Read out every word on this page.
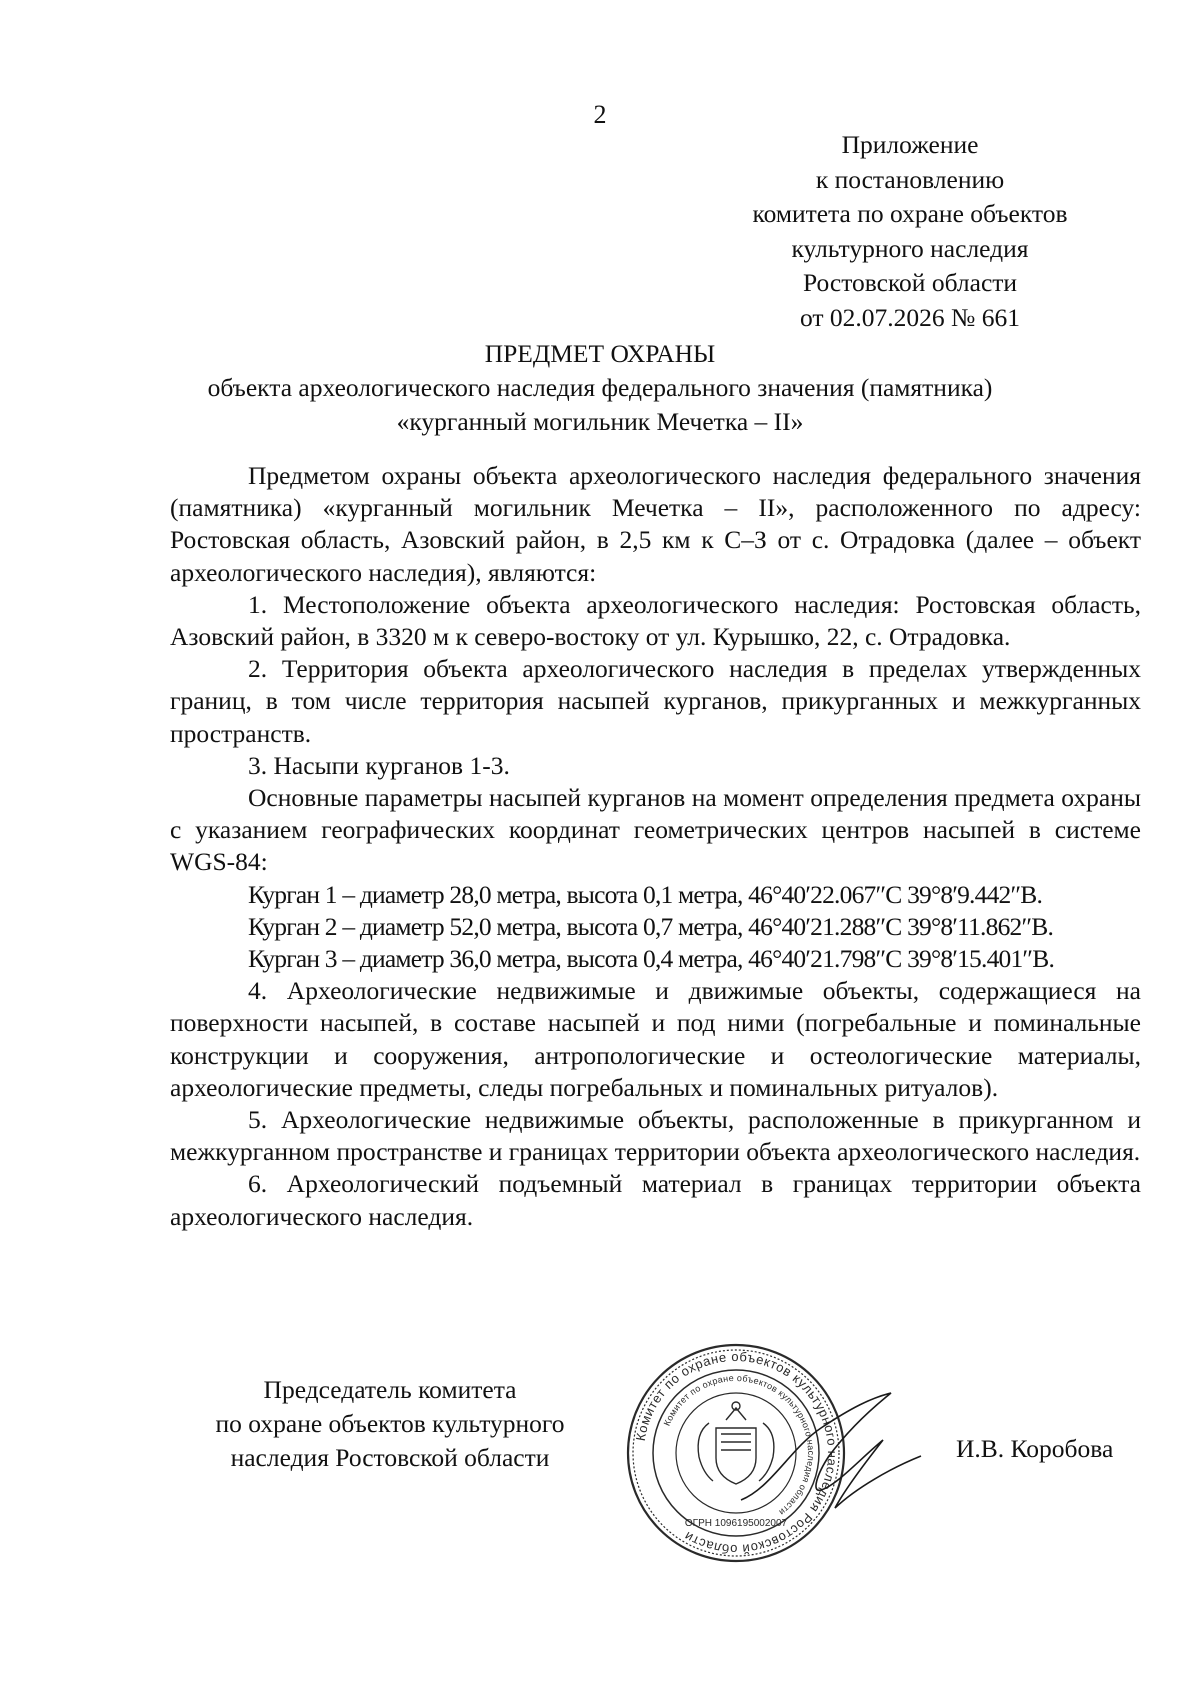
2
Приложение
к постановлению
комитета по охране объектов
культурного наследия
Ростовской области
от 02.07.2026 № 661
ПРЕДМЕТ ОХРАНЫ
объекта археологического наследия федерального значения (памятника)
«курганный могильник Мечетка – II»

Предметом охраны объекта археологического наследия федерального значения (памятника) «курганный могильник Мечетка – II», расположенного по адресу: Ростовская область, Азовский район, в 2,5 км к С–З от с. Отрадовка (далее – объект археологического наследия), являются:

1. Местоположение объекта археологического наследия: Ростовская область, Азовский район, в 3320 м к северо-востоку от ул. Курышко, 22, с. Отрадовка.

2. Территория объекта археологического наследия в пределах утвержденных границ, в том числе территория насыпей курганов, прикурганных и межкурганных пространств.

3. Насыпи курганов 1-3.

Основные параметры насыпей курганов на момент определения предмета охраны с указанием географических координат геометрических центров насыпей в системе WGS-84:

Курган 1 – диаметр 28,0 метра, высота 0,1 метра, 46°40′22.067″С 39°8′9.442″В.

Курган 2 – диаметр 52,0 метра, высота 0,7 метра, 46°40′21.288″С 39°8′11.862″В.

Курган 3 – диаметр 36,0 метра, высота 0,4 метра, 46°40′21.798″С 39°8′15.401″В.

4. Археологические недвижимые и движимые объекты, содержащиеся на поверхности насыпей, в составе насыпей и под ними (погребальные и поминальные конструкции и сооружения, антропологические и остеологические материалы, археологические предметы, следы погребальных и поминальных ритуалов).

5. Археологические недвижимые объекты, расположенные в прикурганном и межкурганном пространстве и границах территории объекта археологического наследия.

6. Археологический подъемный материал в границах территории объекта археологического наследия.

Председатель комитета
по охране объектов культурного
наследия Ростовской области	И.В. Коробова
Комитет по охране объектов культурного наследия Ростовской области
Комитет по охране объектов культурного наследия области
ОГРН 1096195002007
